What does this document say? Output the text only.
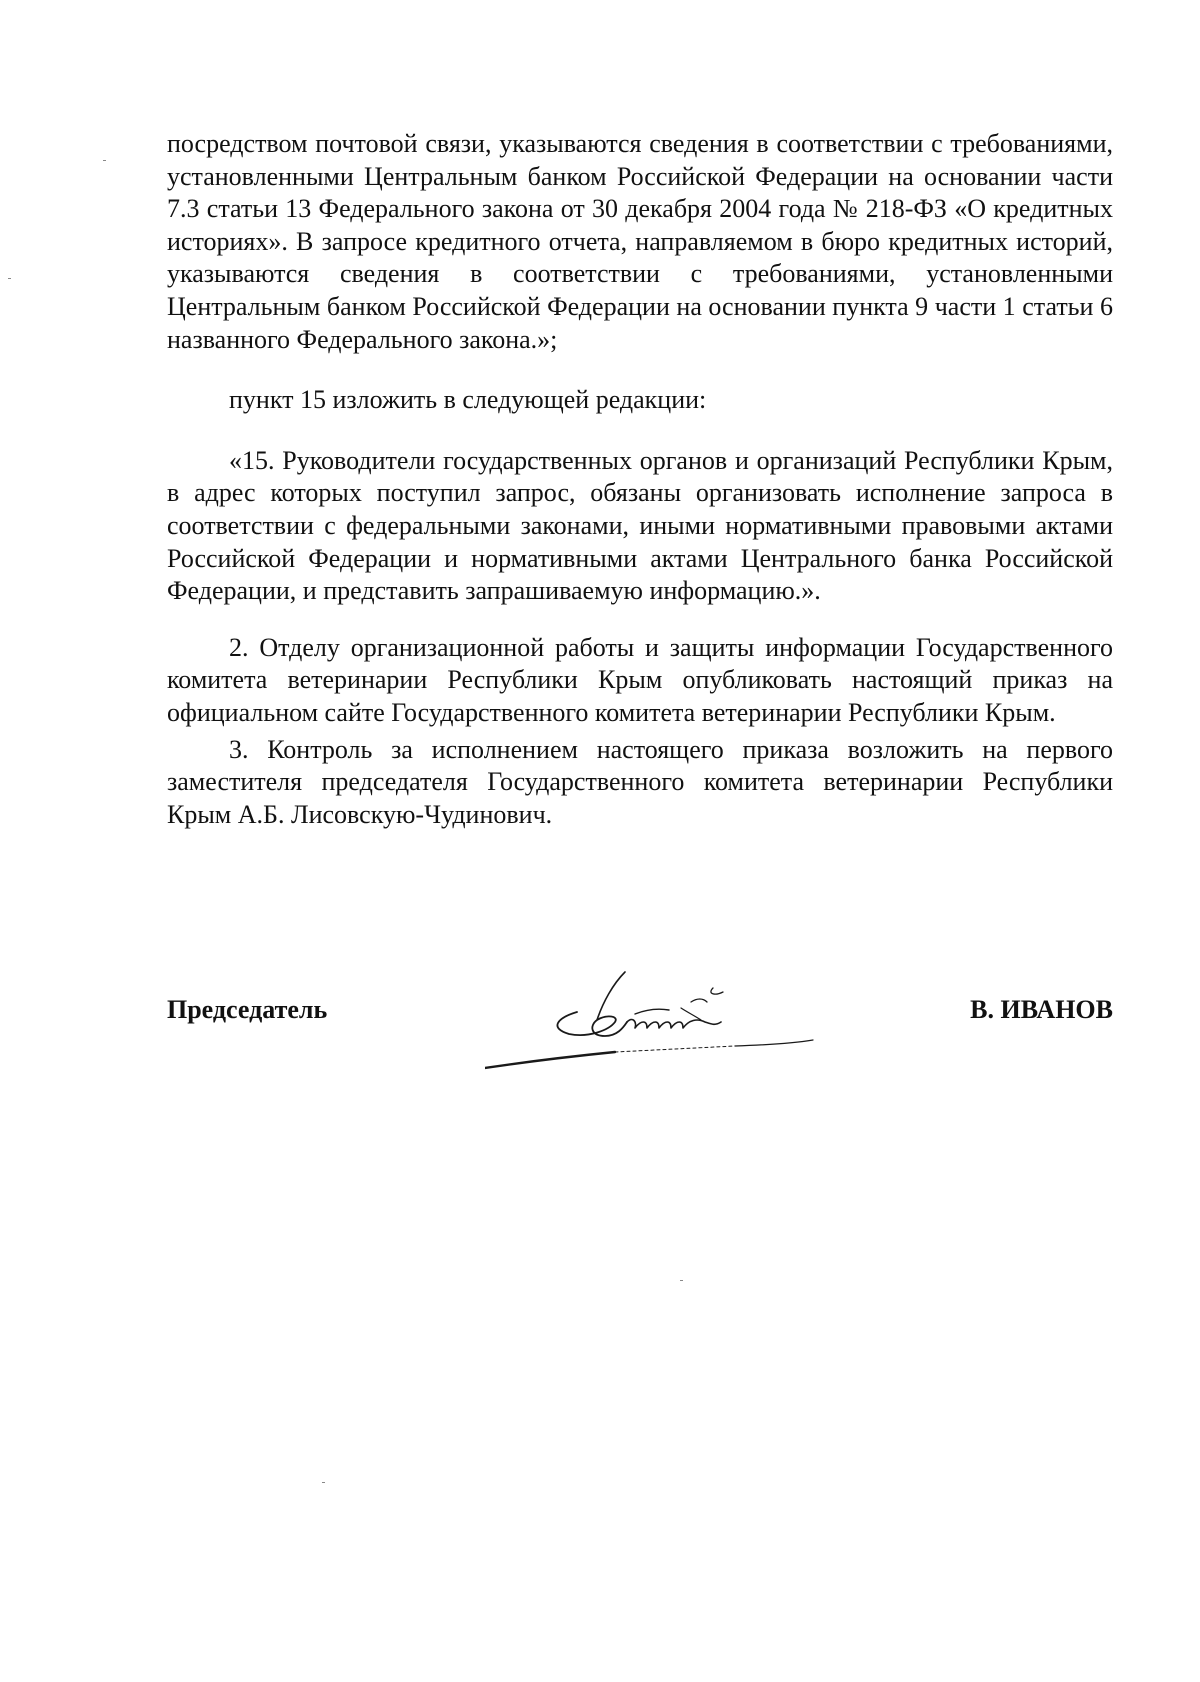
посредством почтовой связи, указываются сведения в соответствии с требованиями, установленными Центральным банком Российской Федерации на основании части 7.3 статьи 13 Федерального закона от 30 декабря 2004 года № 218-ФЗ «О кредитных историях». В запросе кредитного отчета, направляемом в бюро кредитных историй, указываются сведения в соответствии с требованиями, установленными Центральным банком Российской Федерации на основании пункта 9 части 1 статьи 6 названного Федерального закона.»;

пункт 15 изложить в следующей редакции:

«15. Руководители государственных органов и организаций Республики Крым, в адрес которых поступил запрос, обязаны организовать исполнение запроса в соответствии с федеральными законами, иными нормативными правовыми актами Российской Федерации и нормативными актами Центрального банка Российской Федерации, и представить запрашиваемую информацию.».

2. Отделу организационной работы и защиты информации Государственного комитета ветеринарии Республики Крым опубликовать настоящий приказ на официальном сайте Государственного комитета ветеринарии Республики Крым.

3. Контроль за исполнением настоящего приказа возложить на первого заместителя председателя Государственного комитета ветеринарии Республики Крым А.Б. Лисовскую-Чудинович.

Председатель	В. ИВАНОВ
